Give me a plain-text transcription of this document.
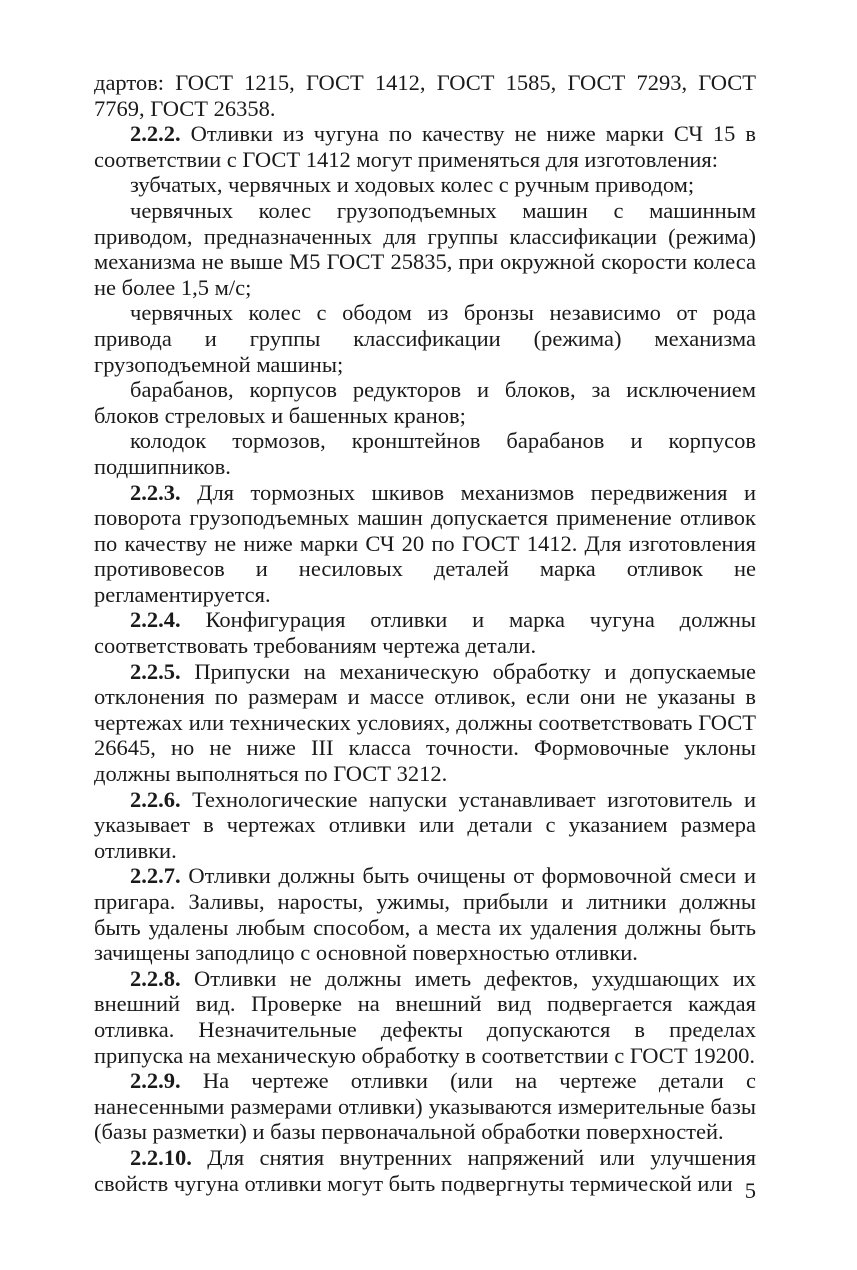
дартов: ГОСТ 1215, ГОСТ 1412, ГОСТ 1585, ГОСТ 7293, ГОСТ 7769, ГОСТ 26358.

2.2.2. Отливки из чугуна по качеству не ниже марки СЧ 15 в соответствии с ГОСТ 1412 могут применяться для изготовления:

зубчатых, червячных и ходовых колес с ручным приводом;

червячных колес грузоподъемных машин с машинным приводом, предназначенных для группы классификации (режима) механизма не выше М5 ГОСТ 25835, при окружной скорости колеса не более 1,5 м/с;

червячных колес с ободом из бронзы независимо от рода привода и группы классификации (режима) механизма грузоподъемной машины;

барабанов, корпусов редукторов и блоков, за исключением блоков стреловых и башенных кранов;

колодок тормозов, кронштейнов барабанов и корпусов подшипников.

2.2.3. Для тормозных шкивов механизмов передвижения и поворота грузоподъемных машин допускается применение отливок по качеству не ниже марки СЧ 20 по ГОСТ 1412. Для изготовления противовесов и несиловых деталей марка отливок не регламентируется.

2.2.4. Конфигурация отливки и марка чугуна должны соответствовать требованиям чертежа детали.

2.2.5. Припуски на механическую обработку и допускаемые отклонения по размерам и массе отливок, если они не указаны в чертежах или технических условиях, должны соответствовать ГОСТ 26645, но не ниже III класса точности. Формовочные уклоны должны выполняться по ГОСТ 3212.

2.2.6. Технологические напуски устанавливает изготовитель и указывает в чертежах отливки или детали с указанием размера отливки.

2.2.7. Отливки должны быть очищены от формовочной смеси и пригара. Заливы, наросты, ужимы, прибыли и литники должны быть удалены любым способом, а места их удаления должны быть зачищены заподлицо с основной поверхностью отливки.

2.2.8. Отливки не должны иметь дефектов, ухудшающих их внешний вид. Проверке на внешний вид подвергается каждая отливка. Незначительные дефекты допускаются в пределах припуска на механическую обработку в соответствии с ГОСТ 19200.

2.2.9. На чертеже отливки (или на чертеже детали с нанесенными размерами отливки) указываются измерительные базы (базы разметки) и базы первоначальной обработки поверхностей.

2.2.10. Для снятия внутренних напряжений или улучшения свойств чугуна отливки могут быть подвергнуты термической или 5
